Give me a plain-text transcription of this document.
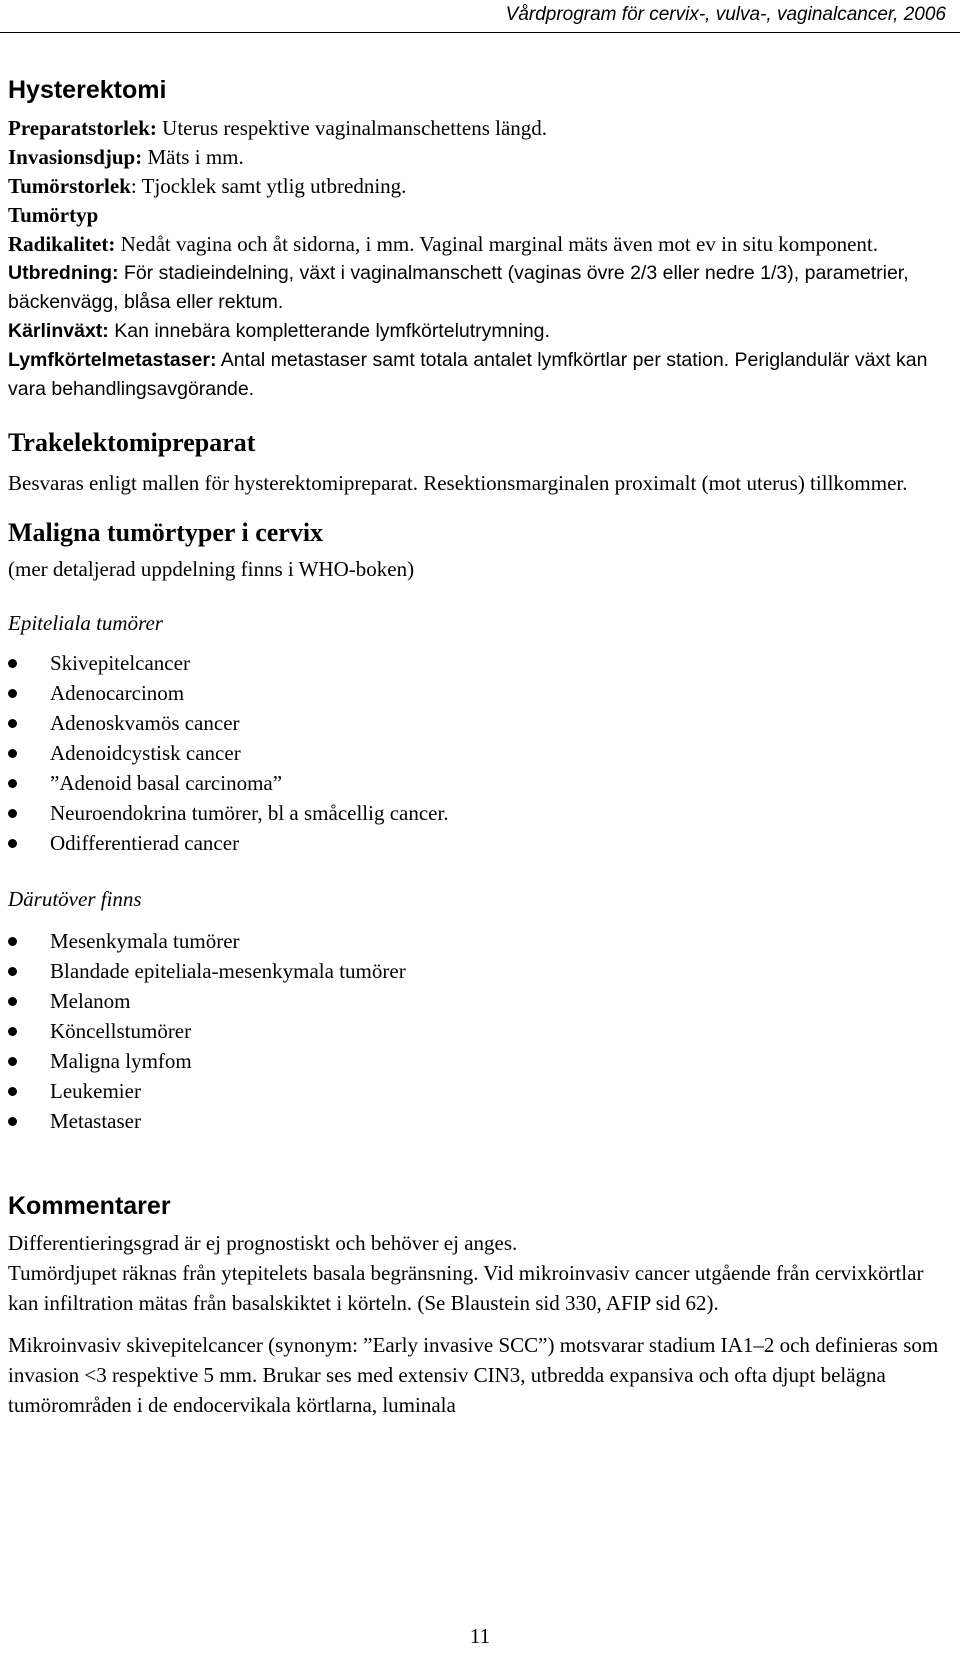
Vårdprogram för cervix-, vulva-, vaginalcancer, 2006
Hysterektomi

Preparatstorlek: Uterus respektive vaginalmanschettens längd.

Invasionsdjup: Mäts i mm.

Tumörstorlek: Tjocklek samt ytlig utbredning.

Tumörtyp

Radikalitet: Nedåt vagina och åt sidorna, i mm. Vaginal marginal mäts även mot ev in situ komponent.

Utbredning: För stadieindelning, växt i vaginalmanschett (vaginas övre 2/3 eller nedre 1/3), parametrier, bäckenvägg, blåsa eller rektum.

Kärlinväxt: Kan innebära kompletterande lymfkörtelutrymning.

Lymfkörtelmetastaser: Antal metastaser samt totala antalet lymfkörtlar per station. Periglandulär växt kan vara behandlingsavgörande.

Trakelektomipreparat

Besvaras enligt mallen för hysterektomipreparat. Resektionsmarginalen proximalt (mot uterus) tillkommer.

Maligna tumörtyper i cervix

(mer detaljerad uppdelning finns i WHO-boken)

Epiteliala tumörer

Skivepitelcancer
Adenocarcinom
Adenoskvamös cancer
Adenoidcystisk cancer
”Adenoid basal carcinoma”
Neuroendokrina tumörer, bl a småcellig cancer.
Odifferentierad cancer

Därutöver finns

Mesenkymala tumörer
Blandade epiteliala-mesenkymala tumörer
Melanom
Köncellstumörer
Maligna lymfom
Leukemier
Metastaser
Kommentarer

Differentieringsgrad är ej prognostiskt och behöver ej anges.

Tumördjupet räknas från ytepitelets basala begränsning. Vid mikroinvasiv cancer utgående från cervixkörtlar kan infiltration mätas från basalskiktet i körteln. (Se Blaustein sid 330, AFIP sid 62).

Mikroinvasiv skivepitelcancer (synonym: ”Early invasive SCC”) motsvarar stadium IA1–2 och definieras som invasion <3 respektive 5 mm. Brukar ses med extensiv CIN3, utbredda expansiva och ofta djupt belägna tumörområden i de endocervikala körtlarna, luminala

11
